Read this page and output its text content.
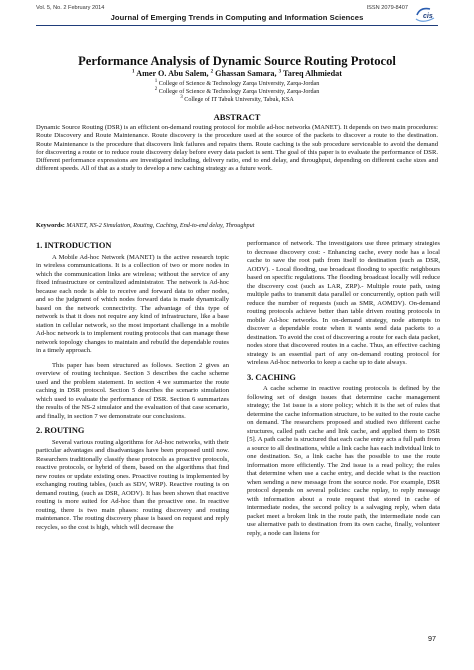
Vol. 5, No. 2 February 2014	ISSN 2079-8407
Journal of Emerging Trends in Computing and Information Sciences	cis
Performance Analysis of Dynamic Source Routing Protocol
$^1$ Amer O. Abu Salem, $^2$ Ghassan Samara, $^3$ Tareq Alhmiedat
$^1$ College of Science & Technology Zarqa University, Zarqa-Jordan
$^2$ College of Science & Technology Zarqa University, Zarqa-Jordan
$^3$ College of IT Tabuk University, Tabuk, KSA
ABSTRACT
Dynamic Source Routing (DSR) is an efficient on-demand routing protocol for mobile ad-hoc networks (MANET). It depends on two main procedures: Route Discovery and Route Maintenance. Route discovery is the procedure used at the source of the packets to discover a route to the destination. Route Maintenance is the procedure that discovers link failures and repairs them. Route caching is the sub procedure serviceable to avoid the demand for discovering a route or to reduce route discovery delay before every data packet is sent. The goal of this paper is to evaluate the performance of DSR. Different performance expressions are investigated including, delivery ratio, end to end delay, and throughput, depending on different cache sizes and different speeds. All of that as a study to develop a new caching strategy as a future work.
Keywords: MANET, NS-2 Simulation, Routing, Caching, End-to-end delay, Throughput
1. INTRODUCTION
A Mobile Ad-hoc Network (MANET) is the active research topic in wireless communications. It is a collection of two or more nodes in which the communication links are wireless; without the service of any fixed infrastructure or centralized administrator. The network is Ad-hoc because each node is able to receive and forward data to other nodes, and so the judgment of which nodes forward data is made dynamically based on the network connectivity. The advantage of this type of network is that it does not require any kind of infrastructure, like a base station in cellular network, so the most important challenge in a mobile Ad-hoc network is to implement routing protocols that can manage these network topology changes to maintain and rebuild the dependable routes in a timely approach.
This paper has been structured as follows. Section 2 gives an overview of routing technique. Section 3 describes the cache scheme used and the problem statement. In section 4 we summarize the route caching in DSR protocol. Section 5 describes the scenario simulation which used to evaluate the performance of DSR. Section 6 summarizes the results of the NS-2 simulator and the evaluation of that case scenario, and finally, in section 7 we demonstrate our conclusions.
2. ROUTING
Several various routing algorithms for Ad-hoc networks, with their particular advantages and disadvantages have been proposed until now. Researchers traditionally classify these protocols as proactive protocols, reactive protocols, or hybrid of them, based on the algorithms that find new routes or update existing ones. Proactive routing is implemented by exchanging routing tables, (such as SDV, WRP). Reactive routing is on demand routing, (such as DSR, AODV). It has been shown that reactive routing is more suited for Ad-hoc than the proactive one. In reactive routing, there is two main phases: routing discovery and routing maintenance. The routing discovery phase is based on request and reply recycles, so the cost is high, which will decrease the
performance of network. The investigators use three primary strategies to decrease discovery cost: - Enhancing cache, every node has a local cache to save the root path from itself to destination (such as DSR, AODV). - Local flooding, use broadcast flooding to specific neighbours based on specific regulations. The flooding broadcast locally will reduce the discovery cost (such as LAR, ZRP).- Multiple route path, using multiple paths to transmit data parallel or concurrently, option path will reduce the number of requests (such as SMR, AOMDV). On-demand routing protocols achieve better than table driven routing protocols in mobile Ad-hoc networks. In on-demand strategy, node attempts to discover a dependable route when it wants send data packets to a destination. To avoid the cost of discovering a route for each data packet, nodes store that discovered routes in a cache. Thus, an effective caching strategy is an essential part of any on-demand routing protocol for wireless Ad-hoc networks to keep a cache up to date always.
3. CACHING
A cache scheme in reactive routing protocols is defined by the following set of design issues that determine cache management strategy; the 1st issue is a store policy; which it is the set of rules that determine the cache information structure, to be suited to the route cache on demand. The researchers proposed and studied two different cache structures, called path cache and link cache, and applied them to DSR [5]. A path cache is structured that each cache entry acts a full path from a source to all destinations, while a link cache has each individual link to one destination. So, a link cache has the possible to use the route information more efficiently. The 2nd issue is a read policy; the rules that determine when use a cache entry, and decide what is the reaction when sending a new message from the source node. For example, DSR protocol depends on several policies: cache replay, to reply message with information about a route request that stored in cache of intermediate nodes, the second policy is a salvaging reply, when data packet meet a broken link in the route path, the intermediate node can use alternative path to destination from its own cache, finally, volunteer reply, a node can listens for
97
